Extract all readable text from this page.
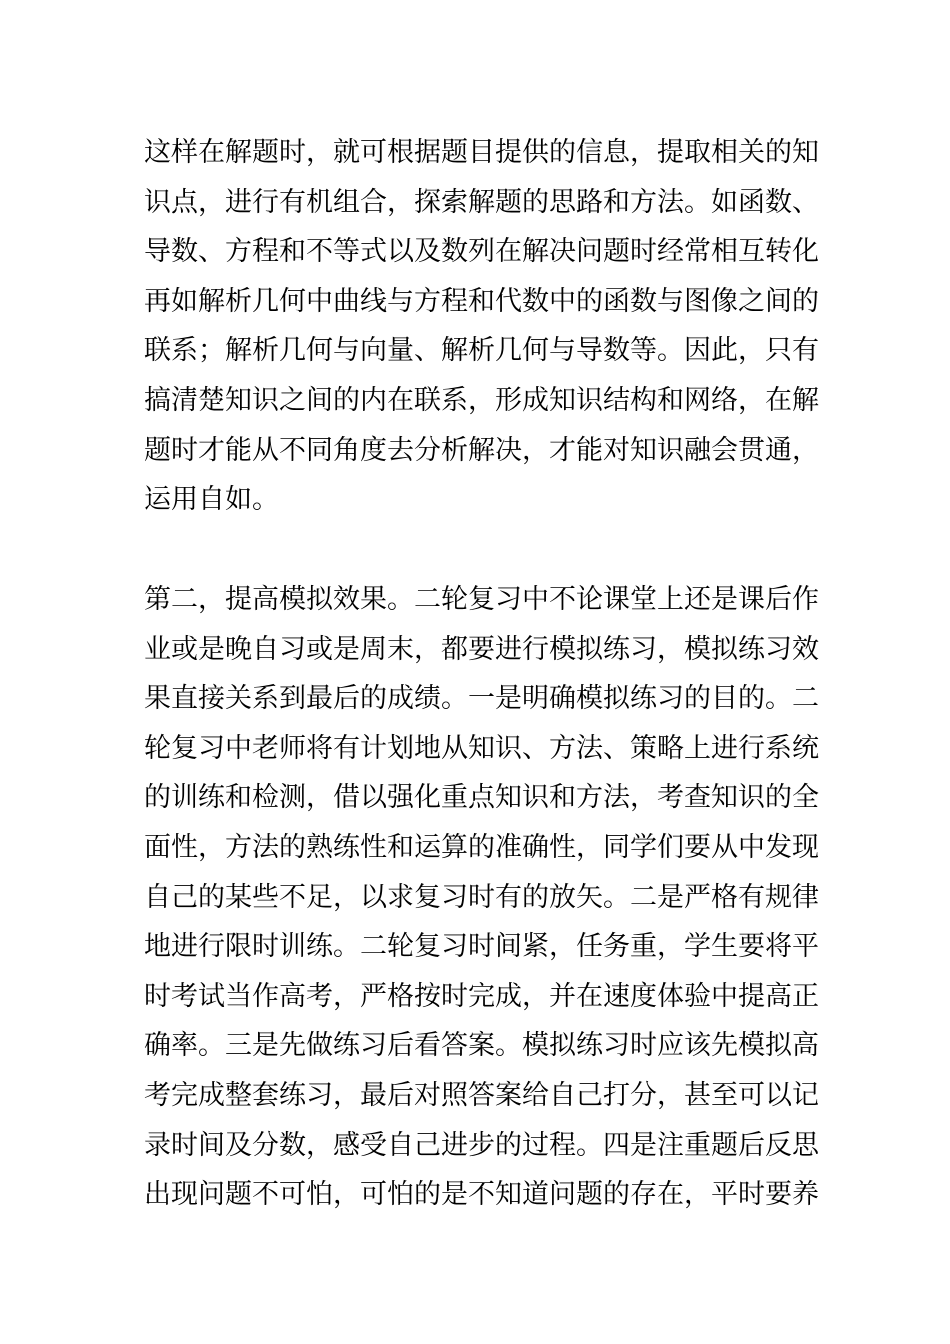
这样在解题时，就可根据题目提供的信息，提取相关的知
识点，进行有机组合，探索解题的思路和方法。如函数、
导数、方程和不等式以及数列在解决问题时经常相互转化
再如解析几何中曲线与方程和代数中的函数与图像之间的
联系；解析几何与向量、解析几何与导数等。因此，只有
搞清楚知识之间的内在联系，形成知识结构和网络，在解
题时才能从不同角度去分析解决，才能对知识融会贯通，
运用自如。
第二，提高模拟效果。二轮复习中不论课堂上还是课后作
业或是晚自习或是周末，都要进行模拟练习，模拟练习效
果直接关系到最后的成绩。一是明确模拟练习的目的。二
轮复习中老师将有计划地从知识、方法、策略上进行系统
的训练和检测，借以强化重点知识和方法，考查知识的全
面性，方法的熟练性和运算的准确性，同学们要从中发现
自己的某些不足，以求复习时有的放矢。二是严格有规律
地进行限时训练。二轮复习时间紧，任务重，学生要将平
时考试当作高考，严格按时完成，并在速度体验中提高正
确率。三是先做练习后看答案。模拟练习时应该先模拟高
考完成整套练习，最后对照答案给自己打分，甚至可以记
录时间及分数，感受自己进步的过程。四是注重题后反思
出现问题不可怕，可怕的是不知道问题的存在，平时要养
